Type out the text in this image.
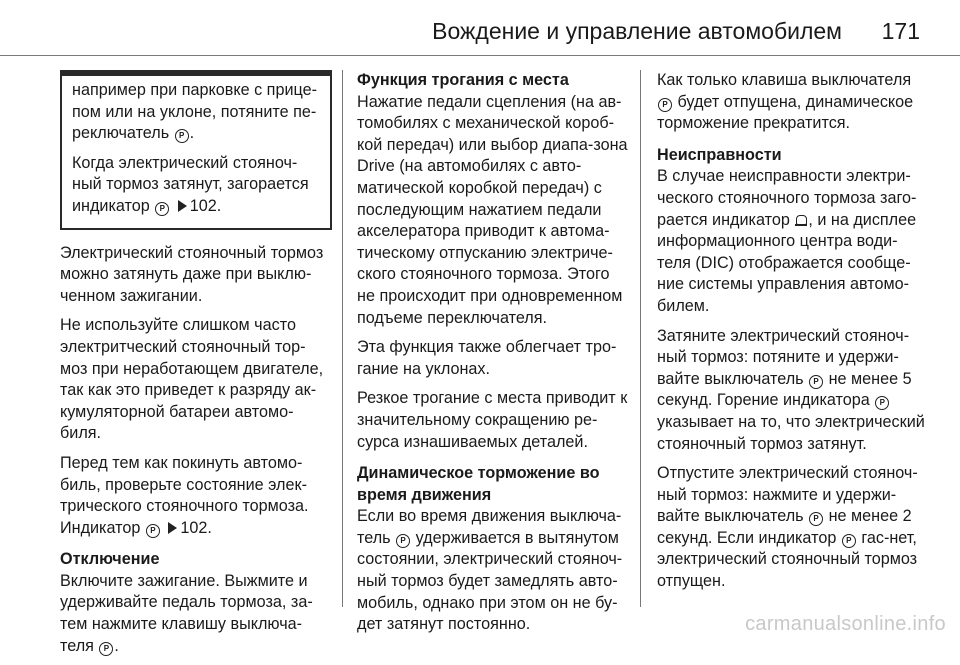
Вождение и управление автомобилем 171

например при парковке с прице-пом или на уклоне, потяните пе-реключатель P .

Когда электрический стояноч-ный тормоз затянут, загорается индикатор P 102.

Электрический стояночный тормоз можно затянуть даже при выклю-ченном зажигании.

Не используйте слишком часто электритческий стояночный тор-моз при неработающем двигателе, так как это приведет к разряду ак-кумуляторной батареи автомо-биля.

Перед тем как покинуть автомо-биль, проверьте состояние элек-трического стояночного тормоза. Индикатор P 102.

Отключение

Включите зажигание. Выжмите и удерживайте педаль тормоза, за-тем нажмите клавишу выключа-теля P .

Функция трогания с места

Нажатие педали сцепления (на ав-томобилях с механической короб-кой передач) или выбор диапа-зона Drive (на автомобилях с авто-матической коробкой передач) с последующим нажатием педали акселератора приводит к автома-тическому отпусканию электриче-ского стояночного тормоза. Этого не происходит при одновременном подъеме переключателя.

Эта функция также облегчает тро-гание на уклонах.

Резкое трогание с места приводит к значительному сокращению ре-сурса изнашиваемых деталей.

Динамическое торможение во время движения

Если во время движения выключа-тель P удерживается в вытянутом состоянии, электрический стояноч-ный тормоз будет замедлять авто-мобиль, однако при этом он не бу-дет затянут постоянно.

Как только клавиша выключателя P будет отпущена, динамическое торможение прекратится.

Неисправности

В случае неисправности электри-ческого стояночного тормоза заго-рается индикатор , и на дисплее информационного центра води-теля (DIC) отображается сообще-ние системы управления автомо-билем.

Затяните электрический стояноч-ный тормоз: потяните и удержи-вайте выключатель P не менее 5 секунд. Горение индикатора P указывает на то, что электрический стояночный тормоз затянут.

Отпустите электрический стояноч-ный тормоз: нажмите и удержи-вайте выключатель P не менее 2 секунд. Если индикатор P гас-нет, электрический стояночный тормоз отпущен.

carmanualsonline.info
